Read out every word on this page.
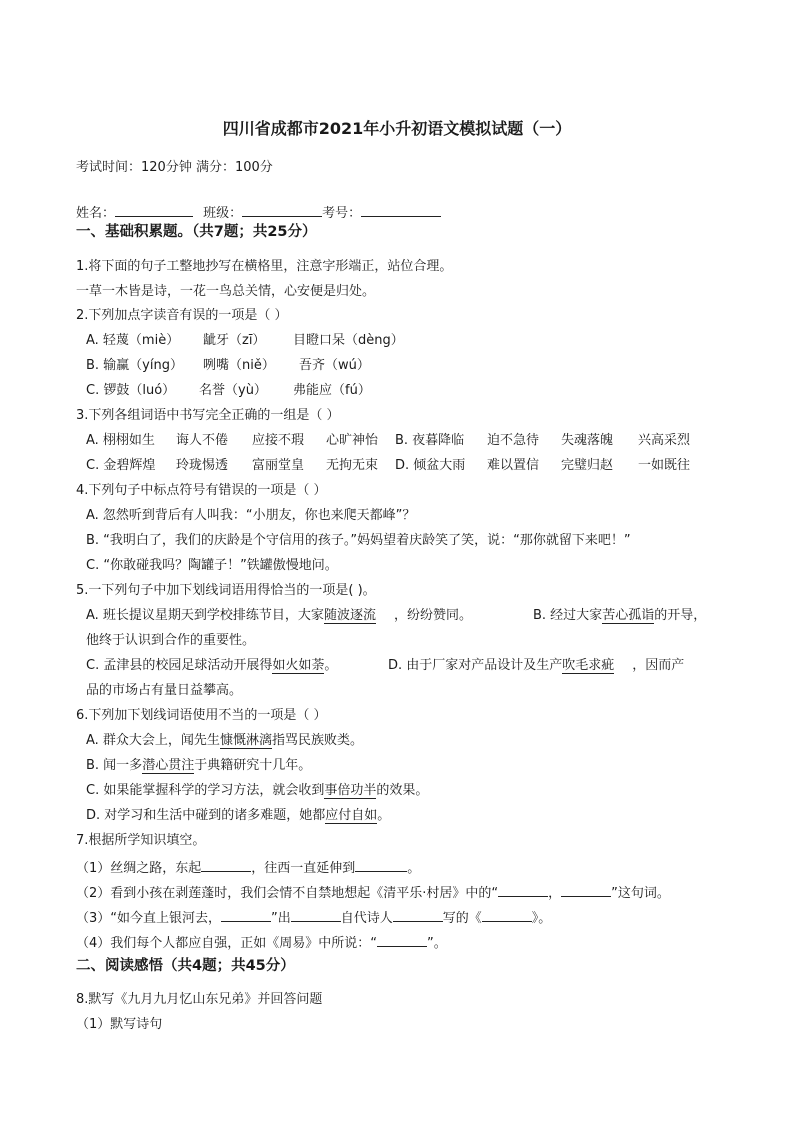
四川省成都市2021年小升初语文模拟试题（一）
考试时间：120分钟 满分：100分
姓名：	班级：	考号：
一、基础积累题。（共7题；共25分）
1.将下面的句子工整地抄写在横格里，注意字形端正，站位合理。
一草一木皆是诗，一花一鸟总关情，心安便是归处。
2.下列加点字读音有误的一项是（ ）
A. 轻蔑（miè） 龇牙（zī） 目瞪口呆（dèng）
B. 输赢（yíng） 咧嘴（niě） 吾齐（wú）
C. 锣鼓（luó） 名誉（yù） 弗能应（fú）
3.下列各组词语中书写完全正确的一组是（ ）
A. 栩栩如生 诲人不倦 应接不瑕 心旷神怡 B. 夜暮降临 迫不急待 失魂落魄 兴高采烈
C. 金碧辉煌 玲珑惕透 富丽堂皇 无拘无束 D. 倾盆大雨 难以置信 完璧归赵 一如既往
4.下列句子中标点符号有错误的一项是（ ）
A. 忽然听到背后有人叫我：“小朋友，你也来爬天都峰”？
B. “我明白了，我们的庆龄是个守信用的孩子。”妈妈望着庆龄笑了笑，说：“那你就留下来吧！”
C. “你敢碰我吗？陶罐子！”铁罐傲慢地问。
5.一下列句子中加下划线词语用得恰当的一项是( )。
A. 班长提议星期天到学校排练节目，大家随波逐流 ，纷纷赞同。	B. 经过大家苦心孤诣的开导，
他终于认识到合作的重要性。
C. 孟津县的校园足球活动开展得如火如荼。	D. 由于厂家对产品设计及生产吹毛求疵 ，因而产
品的市场占有量日益攀高。
6.下列加下划线词语使用不当的一项是（ ）
A. 群众大会上，闻先生慷慨淋漓指骂民族败类。
B. 闻一多潜心贯注于典籍研究十几年。
C. 如果能掌握科学的学习方法，就会收到事倍功半的效果。
D. 对学习和生活中碰到的诸多难题，她都应付自如。
7.根据所学知识填空。
（1）丝绸之路，东起	，往西一直延伸到	。
（2）看到小孩在剥莲蓬时，我们会情不自禁地想起《清平乐·村居》中的“	，	”这句词。
（3）“如今直上银河去，	”出	自代诗人	写的《	》。
（4）我们每个人都应自强，正如《周易》中所说：“	”。
二、阅读感悟（共4题；共45分）
8.默写《九月九月忆山东兄弟》并回答问题
（1）默写诗句
